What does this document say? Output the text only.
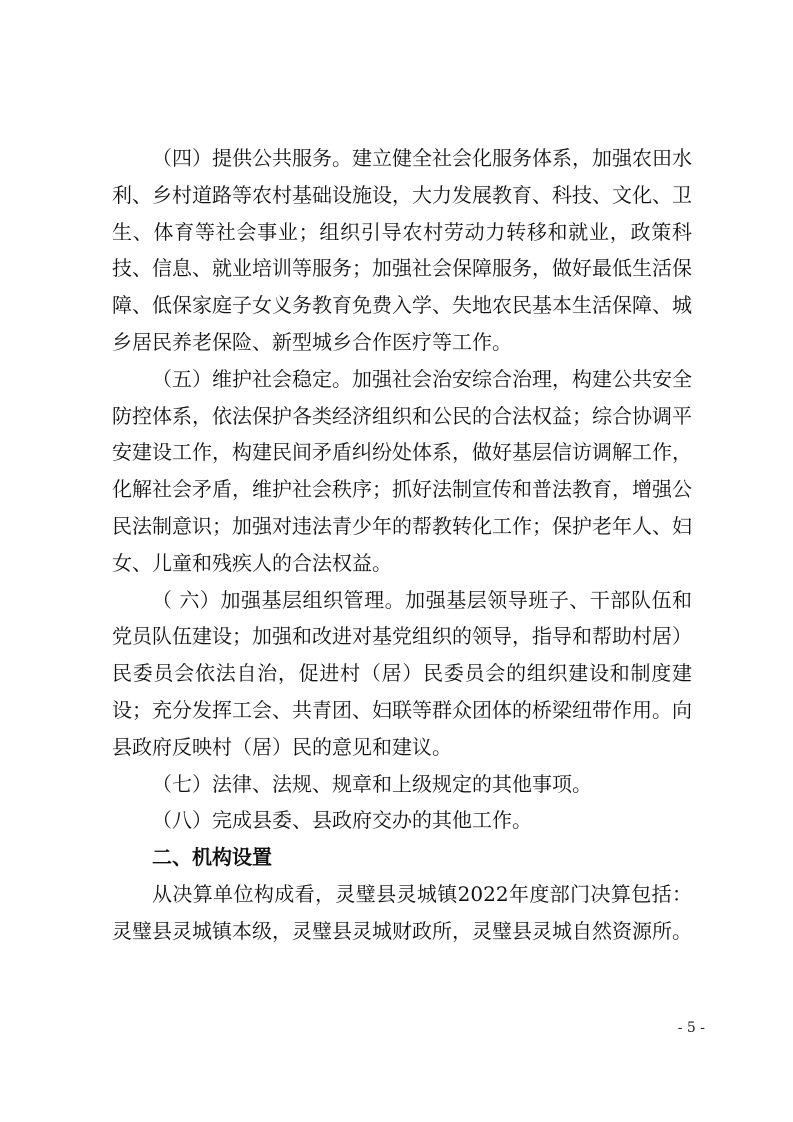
（四）提供公共服务。建立健全社会化服务体系，加强农田水利、乡村道路等农村基础设施设，大力发展教育、科技、文化、卫生、体育等社会事业；组织引导农村劳动力转移和就业，政策科技、信息、就业培训等服务；加强社会保障服务，做好最低生活保障、低保家庭子女义务教育免费入学、失地农民基本生活保障、城乡居民养老保险、新型城乡合作医疗等工作。

（五）维护社会稳定。加强社会治安综合治理，构建公共安全防控体系，依法保护各类经济组织和公民的合法权益；综合协调平安建设工作，构建民间矛盾纠纷处体系，做好基层信访调解工作，化解社会矛盾，维护社会秩序；抓好法制宣传和普法教育，增强公民法制意识；加强对违法青少年的帮教转化工作；保护老年人、妇女、儿童和残疾人的合法权益。

（ 六）加强基层组织管理。加强基层领导班子、干部队伍和党员队伍建设；加强和改进对基党组织的领导，指导和帮助村居）民委员会依法自治，促进村（居）民委员会的组织建设和制度建设；充分发挥工会、共青团、妇联等群众团体的桥梁纽带作用。向县政府反映村（居）民的意见和建议。

（七）法律、法规、规章和上级规定的其他事项。

（八）完成县委、县政府交办的其他工作。

二、机构设置

从决算单位构成看，灵璧县灵城镇2022年度部门决算包括：灵璧县灵城镇本级，灵璧县灵城财政所，灵璧县灵城自然资源所。

- 5 -
